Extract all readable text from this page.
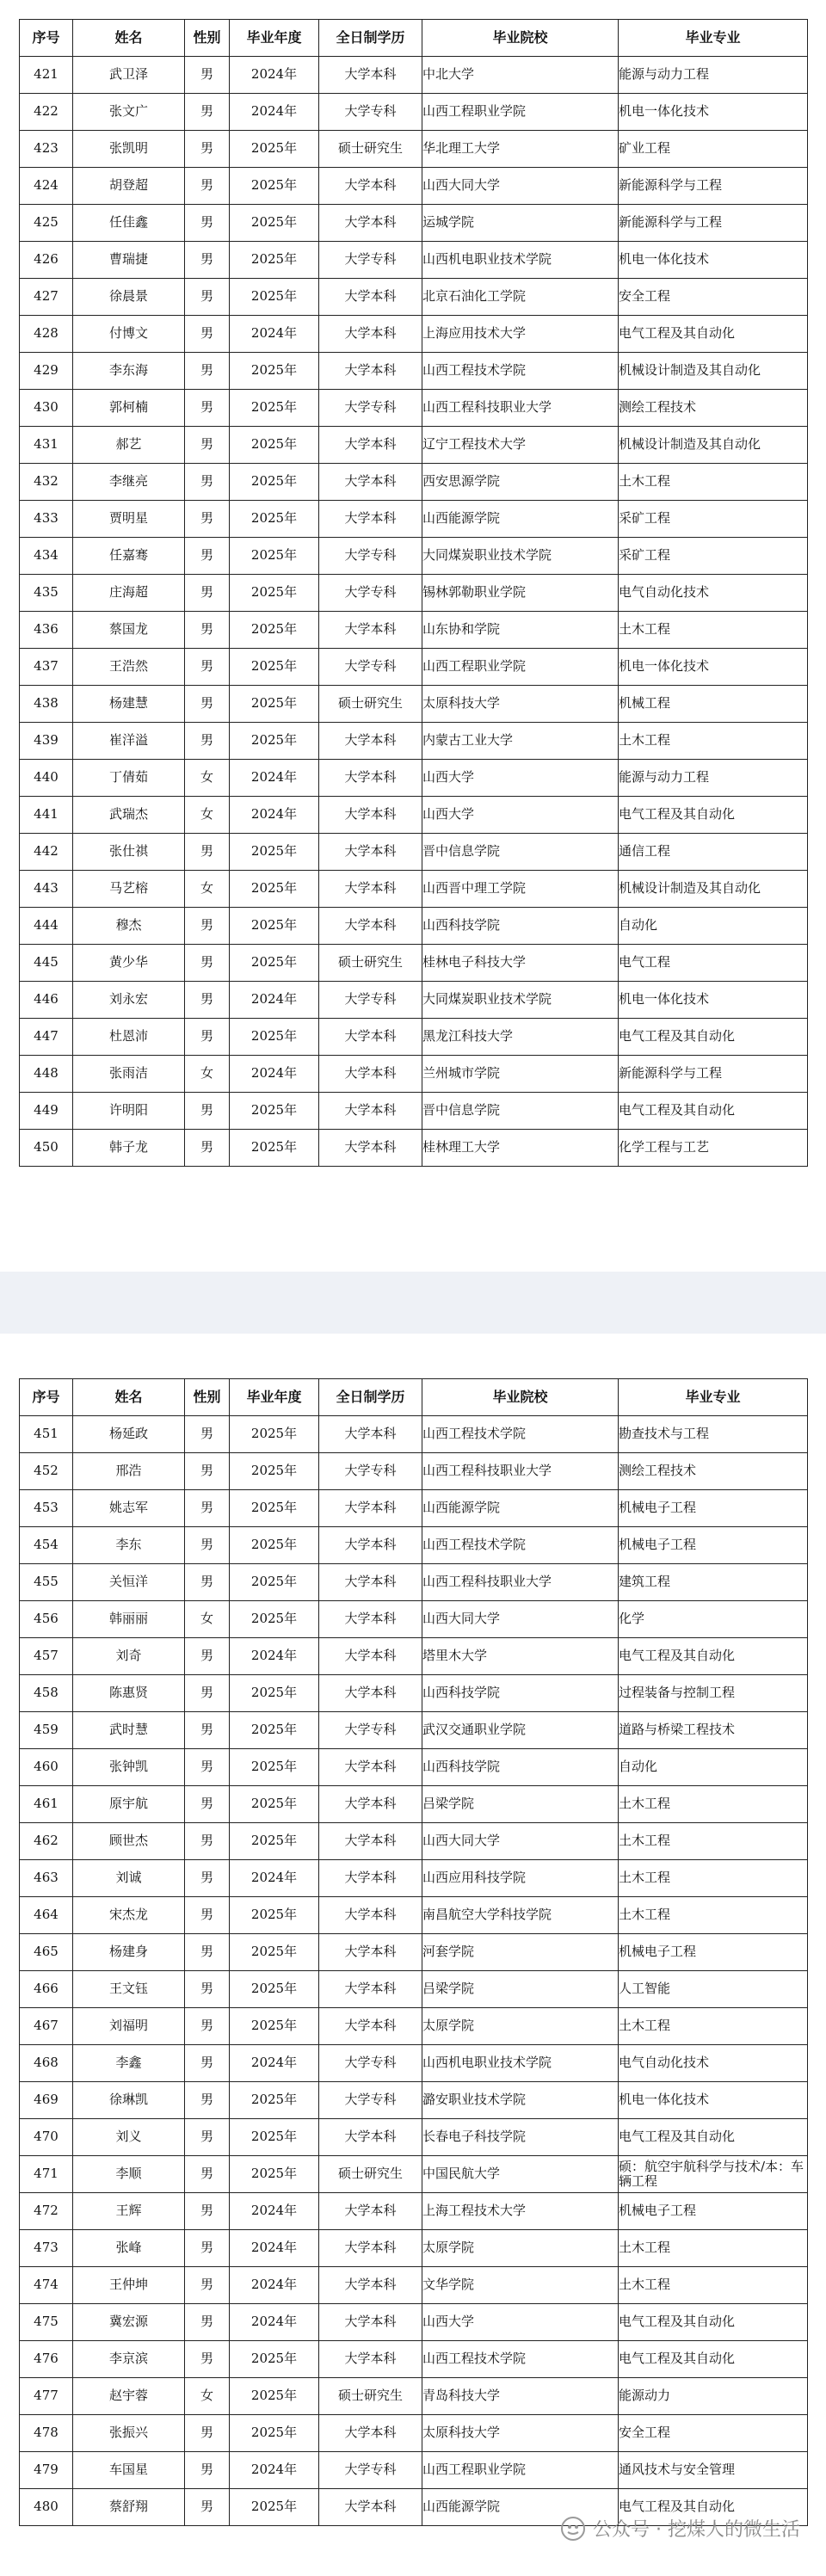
序号	姓名	性别	毕业年度	全日制学历	毕业院校	毕业专业
421	武卫泽	男	2024年	大学本科	中北大学	能源与动力工程
422	张文广	男	2024年	大学专科	山西工程职业学院	机电一体化技术
423	张凯明	男	2025年	硕士研究生	华北理工大学	矿业工程
424	胡登超	男	2025年	大学本科	山西大同大学	新能源科学与工程
425	任佳鑫	男	2025年	大学本科	运城学院	新能源科学与工程
426	曹瑞捷	男	2025年	大学专科	山西机电职业技术学院	机电一体化技术
427	徐晨景	男	2025年	大学本科	北京石油化工学院	安全工程
428	付博文	男	2024年	大学本科	上海应用技术大学	电气工程及其自动化
429	李东海	男	2025年	大学本科	山西工程技术学院	机械设计制造及其自动化
430	郭柯楠	男	2025年	大学专科	山西工程科技职业大学	测绘工程技术
431	郝艺	男	2025年	大学本科	辽宁工程技术大学	机械设计制造及其自动化
432	李继亮	男	2025年	大学本科	西安思源学院	土木工程
433	贾明星	男	2025年	大学本科	山西能源学院	采矿工程
434	任嘉骞	男	2025年	大学专科	大同煤炭职业技术学院	采矿工程
435	庄海超	男	2025年	大学专科	锡林郭勒职业学院	电气自动化技术
436	蔡国龙	男	2025年	大学本科	山东协和学院	土木工程
437	王浩然	男	2025年	大学专科	山西工程职业学院	机电一体化技术
438	杨建慧	男	2025年	硕士研究生	太原科技大学	机械工程
439	崔洋溢	男	2025年	大学本科	内蒙古工业大学	土木工程
440	丁倩茹	女	2024年	大学本科	山西大学	能源与动力工程
441	武瑞杰	女	2024年	大学本科	山西大学	电气工程及其自动化
442	张仕祺	男	2025年	大学本科	晋中信息学院	通信工程
443	马艺榕	女	2025年	大学本科	山西晋中理工学院	机械设计制造及其自动化
444	穆杰	男	2025年	大学本科	山西科技学院	自动化
445	黄少华	男	2025年	硕士研究生	桂林电子科技大学	电气工程
446	刘永宏	男	2024年	大学专科	大同煤炭职业技术学院	机电一体化技术
447	杜恩沛	男	2025年	大学本科	黑龙江科技大学	电气工程及其自动化
448	张雨洁	女	2024年	大学本科	兰州城市学院	新能源科学与工程
449	许明阳	男	2025年	大学本科	晋中信息学院	电气工程及其自动化
450	韩子龙	男	2025年	大学本科	桂林理工大学	化学工程与工艺
序号	姓名	性别	毕业年度	全日制学历	毕业院校	毕业专业
451	杨延政	男	2025年	大学本科	山西工程技术学院	勘查技术与工程
452	邢浩	男	2025年	大学专科	山西工程科技职业大学	测绘工程技术
453	姚志军	男	2025年	大学本科	山西能源学院	机械电子工程
454	李东	男	2025年	大学本科	山西工程技术学院	机械电子工程
455	关恒洋	男	2025年	大学本科	山西工程科技职业大学	建筑工程
456	韩丽丽	女	2025年	大学本科	山西大同大学	化学
457	刘奇	男	2024年	大学本科	塔里木大学	电气工程及其自动化
458	陈惠贤	男	2025年	大学本科	山西科技学院	过程装备与控制工程
459	武时慧	男	2025年	大学专科	武汉交通职业学院	道路与桥梁工程技术
460	张钟凯	男	2025年	大学本科	山西科技学院	自动化
461	原宇航	男	2025年	大学本科	吕梁学院	土木工程
462	顾世杰	男	2025年	大学本科	山西大同大学	土木工程
463	刘诚	男	2024年	大学本科	山西应用科技学院	土木工程
464	宋杰龙	男	2025年	大学本科	南昌航空大学科技学院	土木工程
465	杨建身	男	2025年	大学本科	河套学院	机械电子工程
466	王文钰	男	2025年	大学本科	吕梁学院	人工智能
467	刘福明	男	2025年	大学本科	太原学院	土木工程
468	李鑫	男	2024年	大学专科	山西机电职业技术学院	电气自动化技术
469	徐琳凯	男	2025年	大学专科	潞安职业技术学院	机电一体化技术
470	刘义	男	2025年	大学本科	长春电子科技学院	电气工程及其自动化
471	李顺	男	2025年	硕士研究生	中国民航大学	硕：航空宇航科学与技术/本：车辆工程
472	王辉	男	2024年	大学本科	上海工程技术大学	机械电子工程
473	张峰	男	2024年	大学本科	太原学院	土木工程
474	王仲坤	男	2024年	大学本科	文华学院	土木工程
475	冀宏源	男	2024年	大学本科	山西大学	电气工程及其自动化
476	李京滨	男	2025年	大学本科	山西工程技术学院	电气工程及其自动化
477	赵宇蓉	女	2025年	硕士研究生	青岛科技大学	能源动力
478	张振兴	男	2025年	大学本科	太原科技大学	安全工程
479	车国星	男	2024年	大学专科	山西工程职业学院	通风技术与安全管理
480	蔡舒翔	男	2025年	大学本科	山西能源学院	电气工程及其自动化
公众号 · 挖煤人的微生活
